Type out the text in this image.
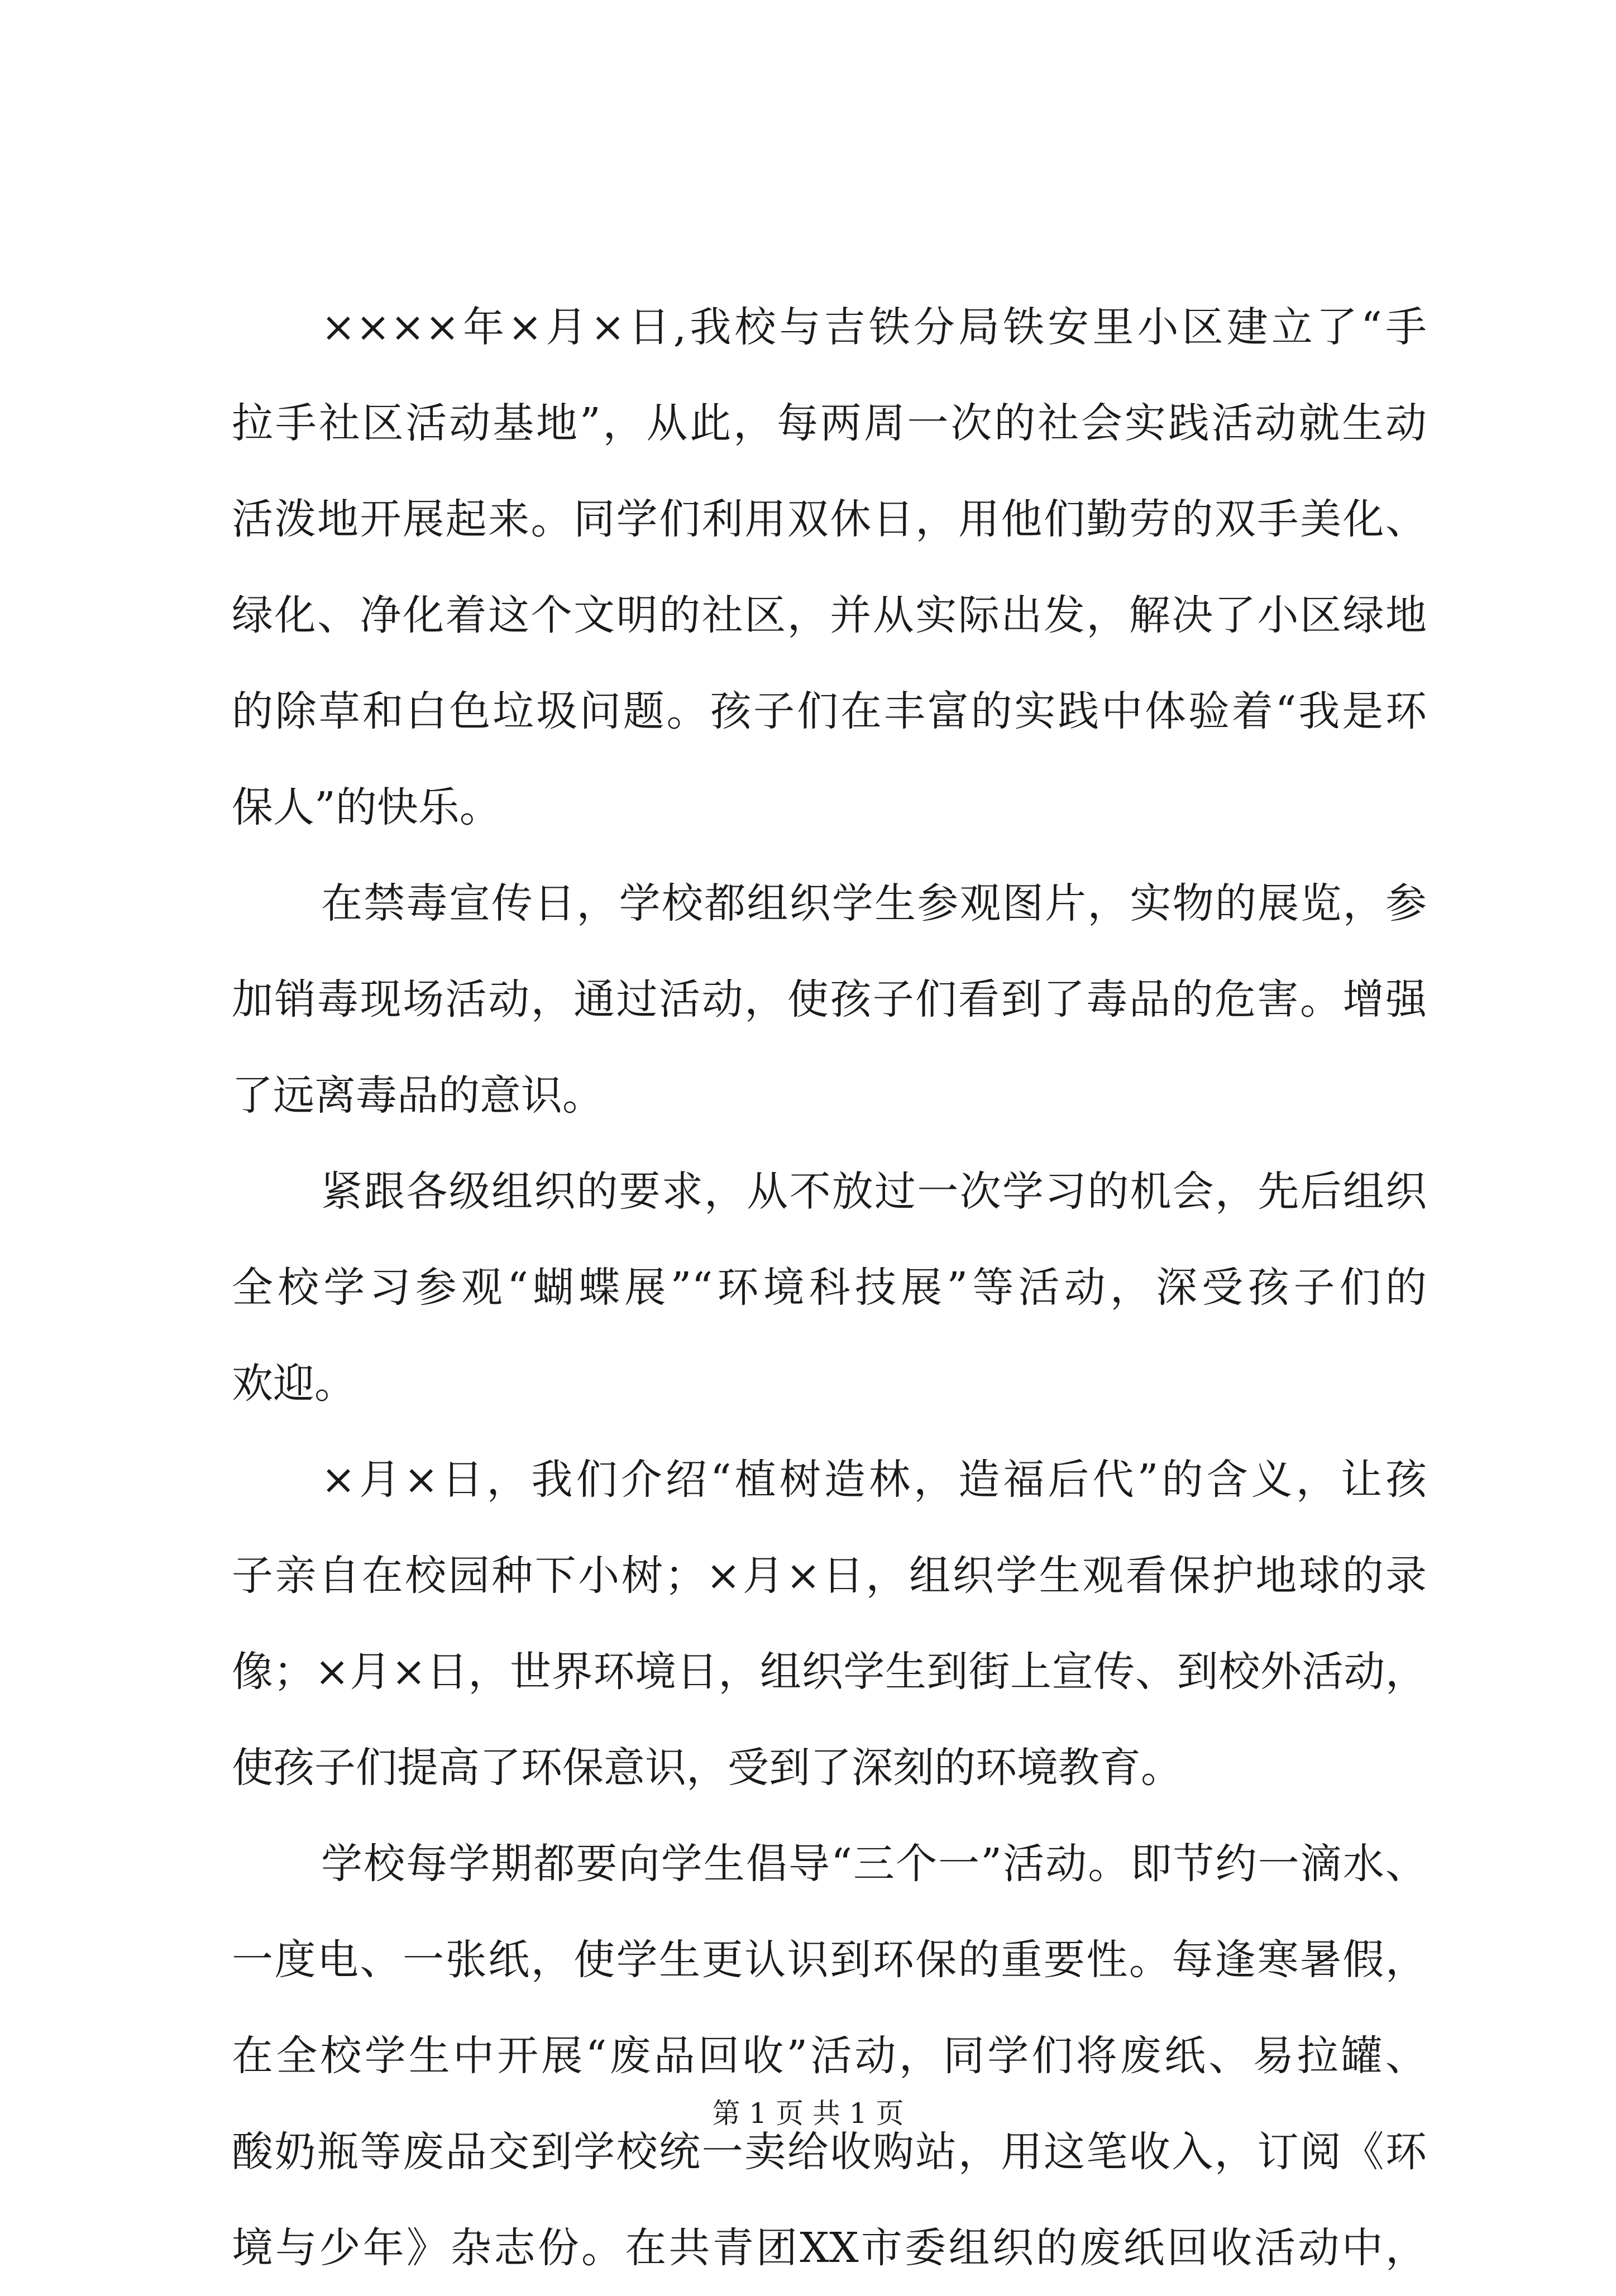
××××年×月×日,我校与吉铁分局铁安里小区建立了“手
拉手社区活动基地”，从此，每两周一次的社会实践活动就生动
活泼地开展起来。同学们利用双休日，用他们勤劳的双手美化、
绿化、净化着这个文明的社区，并从实际出发，解决了小区绿地
的除草和白色垃圾问题。孩子们在丰富的实践中体验着“我是环
保人”的快乐。
在禁毒宣传日，学校都组织学生参观图片，实物的展览，参
加销毒现场活动，通过活动，使孩子们看到了毒品的危害。增强
了远离毒品的意识。
紧跟各级组织的要求，从不放过一次学习的机会，先后组织
全校学习参观“蝴蝶展”“环境科技展”等活动，深受孩子们的
欢迎。
×月×日，我们介绍“植树造林，造福后代”的含义，让孩
子亲自在校园种下小树；×月×日，组织学生观看保护地球的录
像；×月×日，世界环境日，组织学生到街上宣传、到校外活动，
使孩子们提高了环保意识，受到了深刻的环境教育。
学校每学期都要向学生倡导“三个一”活动。即节约一滴水、
一度电、一张纸，使学生更认识到环保的重要性。每逢寒暑假，
在全校学生中开展“废品回收”活动，同学们将废纸、易拉罐、
酸奶瓶等废品交到学校统一卖给收购站，用这笔收入，订阅《环
境与少年》杂志份。在共青团XX市委组织的废纸回收活动中，
第 1 页 共 1 页
